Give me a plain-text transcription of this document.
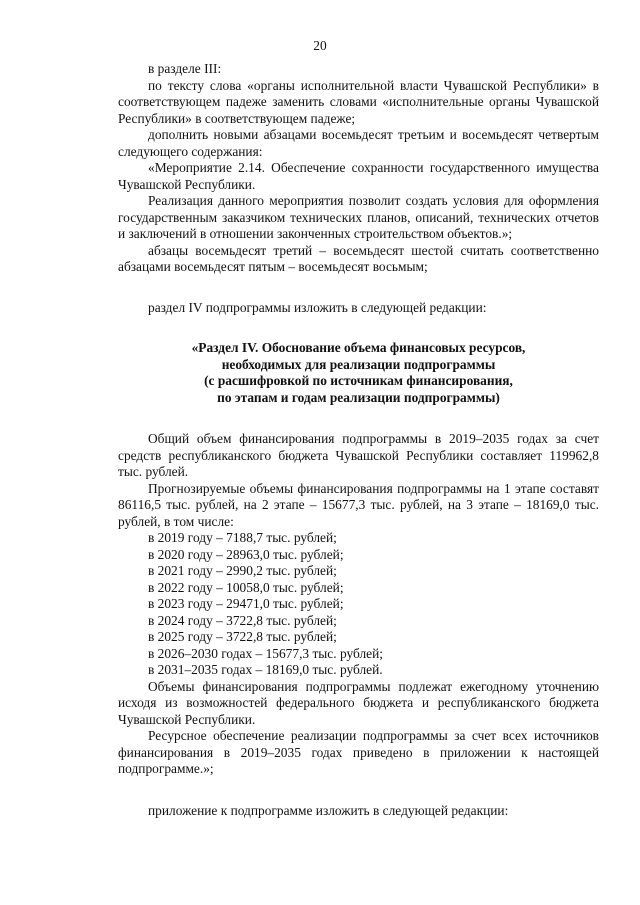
20

в разделе III:

по тексту слова «органы исполнительной власти Чувашской Республики» в соответствующем падеже заменить словами «исполнительные органы Чувашской Республики» в соответствующем падеже;

дополнить новыми абзацами восемьдесят третьим и восемьдесят четвертым следующего содержания:

«Мероприятие 2.14. Обеспечение сохранности государственного имущества Чувашской Республики.

Реализация данного мероприятия позволит создать условия для оформления государственным заказчиком технических планов, описаний, технических отчетов и заключений в отношении законченных строительством объектов.»;

абзацы восемьдесят третий – восемьдесят шестой считать соответственно абзацами восемьдесят пятым – восемьдесят восьмым;

раздел IV подпрограммы изложить в следующей редакции:

«Раздел IV. Обоснование объема финансовых ресурсов,
необходимых для реализации подпрограммы
(с расшифровкой по источникам финансирования,
по этапам и годам реализации подпрограммы)

Общий объем финансирования подпрограммы в 2019–2035 годах за счет средств республиканского бюджета Чувашской Республики составляет 119962,8 тыс. рублей.

Прогнозируемые объемы финансирования подпрограммы на 1 этапе составят 86116,5 тыс. рублей, на 2 этапе – 15677,3 тыс. рублей, на 3 этапе – 18169,0 тыс. рублей, в том числе:

в 2019 году – 7188,7 тыс. рублей;

в 2020 году – 28963,0 тыс. рублей;

в 2021 году – 2990,2 тыс. рублей;

в 2022 году – 10058,0 тыс. рублей;

в 2023 году – 29471,0 тыс. рублей;

в 2024 году – 3722,8 тыс. рублей;

в 2025 году – 3722,8 тыс. рублей;

в 2026–2030 годах – 15677,3 тыс. рублей;

в 2031–2035 годах – 18169,0 тыс. рублей.

Объемы финансирования подпрограммы подлежат ежегодному уточнению исходя из возможностей федерального бюджета и республиканского бюджета Чувашской Республики.

Ресурсное обеспечение реализации подпрограммы за счет всех источников финансирования в 2019–2035 годах приведено в приложении к настоящей подпрограмме.»;

приложение к подпрограмме изложить в следующей редакции:
